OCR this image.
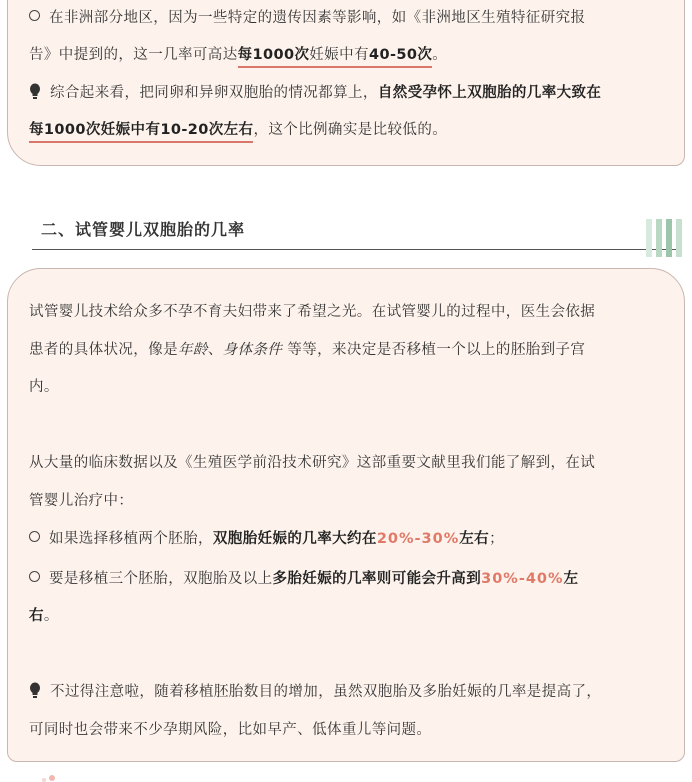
在非洲部分地区，因为一些特定的遗传因素等影响，如《非洲地区生殖特征研究报
告》中提到的，这一几率可高达每1000次妊娠中有40-50次。
综合起来看，把同卵和异卵双胞胎的情况都算上，自然受孕怀上双胞胎的几率大致在
每1000次妊娠中有10-20次左右，这个比例确实是比较低的。
二、试管婴儿双胞胎的几率
试管婴儿技术给众多不孕不育夫妇带来了希望之光。在试管婴儿的过程中，医生会依据
患者的具体状况，像是年龄、身体条件 等等，来决定是否移植一个以上的胚胎到子宫
内。
从大量的临床数据以及《生殖医学前沿技术研究》这部重要文献里我们能了解到，在试
管婴儿治疗中：
如果选择移植两个胚胎，双胞胎妊娠的几率大约在20%-30%左右；
要是移植三个胚胎，双胞胎及以上多胎妊娠的几率则可能会升高到30%-40%左
右。
不过得注意啦，随着移植胚胎数目的增加，虽然双胞胎及多胎妊娠的几率是提高了，
可同时也会带来不少孕期风险，比如早产、低体重儿等问题。
